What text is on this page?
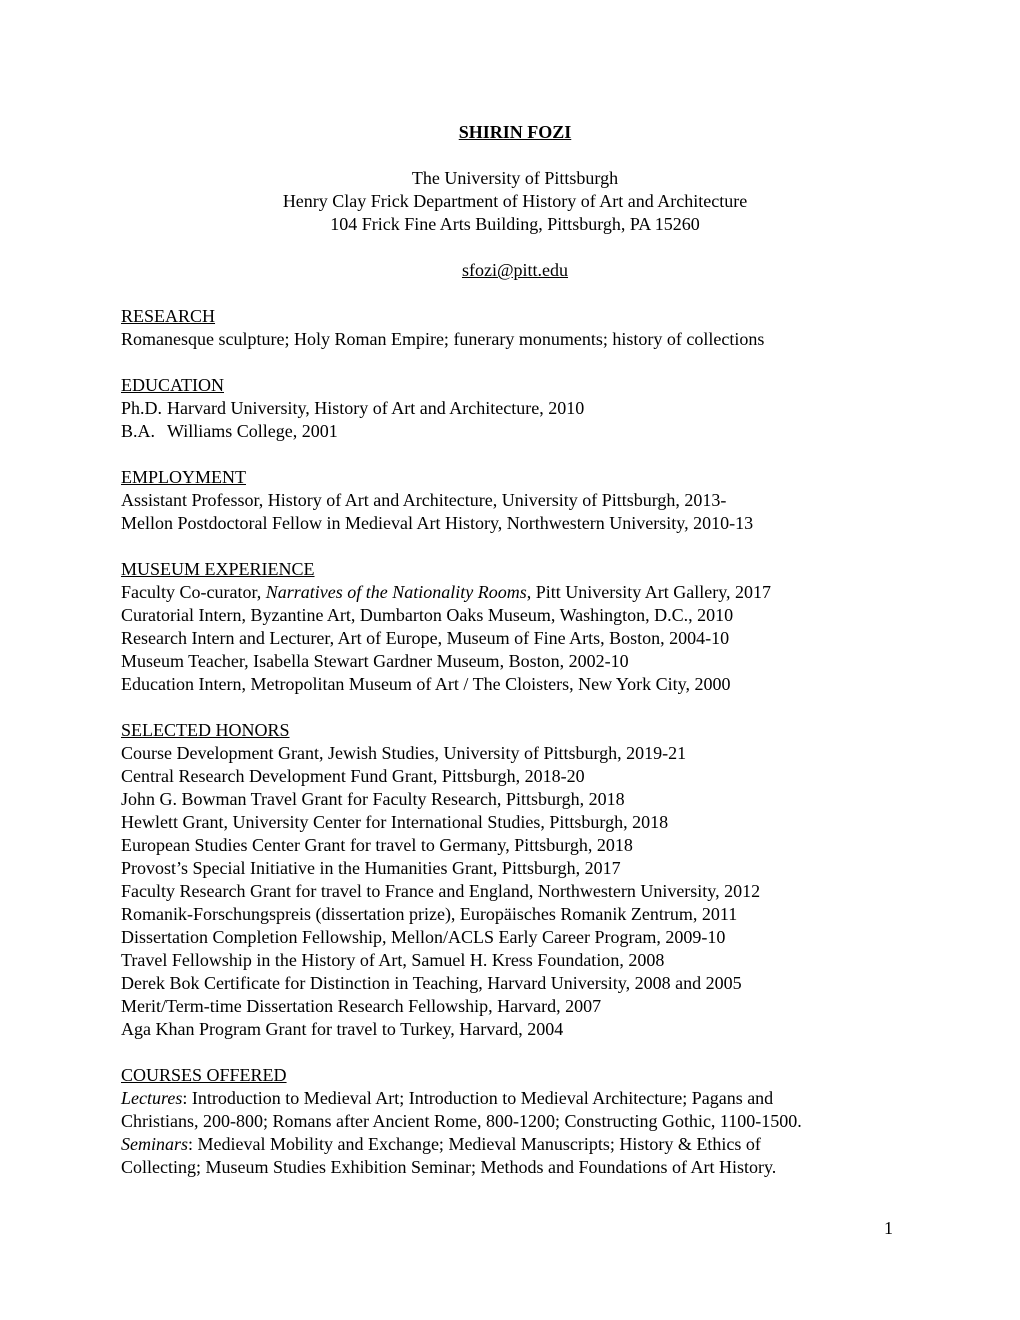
SHIRIN FOZI
The University of Pittsburgh
Henry Clay Frick Department of History of Art and Architecture
104 Frick Fine Arts Building, Pittsburgh, PA 15260
sfozi@pitt.edu
RESEARCH
Romanesque sculpture; Holy Roman Empire; funerary monuments; history of collections
EDUCATION
Ph.D. Harvard University, History of Art and Architecture, 2010
B.A. Williams College, 2001
EMPLOYMENT
Assistant Professor, History of Art and Architecture, University of Pittsburgh, 2013-
Mellon Postdoctoral Fellow in Medieval Art History, Northwestern University, 2010-13
MUSEUM EXPERIENCE
Faculty Co-curator, Narratives of the Nationality Rooms, Pitt University Art Gallery, 2017
Curatorial Intern, Byzantine Art, Dumbarton Oaks Museum, Washington, D.C., 2010
Research Intern and Lecturer, Art of Europe, Museum of Fine Arts, Boston, 2004-10
Museum Teacher, Isabella Stewart Gardner Museum, Boston, 2002-10
Education Intern, Metropolitan Museum of Art / The Cloisters, New York City, 2000
SELECTED HONORS
Course Development Grant, Jewish Studies, University of Pittsburgh, 2019-21
Central Research Development Fund Grant, Pittsburgh, 2018-20
John G. Bowman Travel Grant for Faculty Research, Pittsburgh, 2018
Hewlett Grant, University Center for International Studies, Pittsburgh, 2018
European Studies Center Grant for travel to Germany, Pittsburgh, 2018
Provost’s Special Initiative in the Humanities Grant, Pittsburgh, 2017
Faculty Research Grant for travel to France and England, Northwestern University, 2012
Romanik-Forschungspreis (dissertation prize), Europäisches Romanik Zentrum, 2011
Dissertation Completion Fellowship, Mellon/ACLS Early Career Program, 2009-10
Travel Fellowship in the History of Art, Samuel H. Kress Foundation, 2008
Derek Bok Certificate for Distinction in Teaching, Harvard University, 2008 and 2005
Merit/Term-time Dissertation Research Fellowship, Harvard, 2007
Aga Khan Program Grant for travel to Turkey, Harvard, 2004
COURSES OFFERED
Lectures: Introduction to Medieval Art; Introduction to Medieval Architecture; Pagans and
Christians, 200-800; Romans after Ancient Rome, 800-1200; Constructing Gothic, 1100-1500.
Seminars: Medieval Mobility and Exchange; Medieval Manuscripts; History & Ethics of
Collecting; Museum Studies Exhibition Seminar; Methods and Foundations of Art History.
1
